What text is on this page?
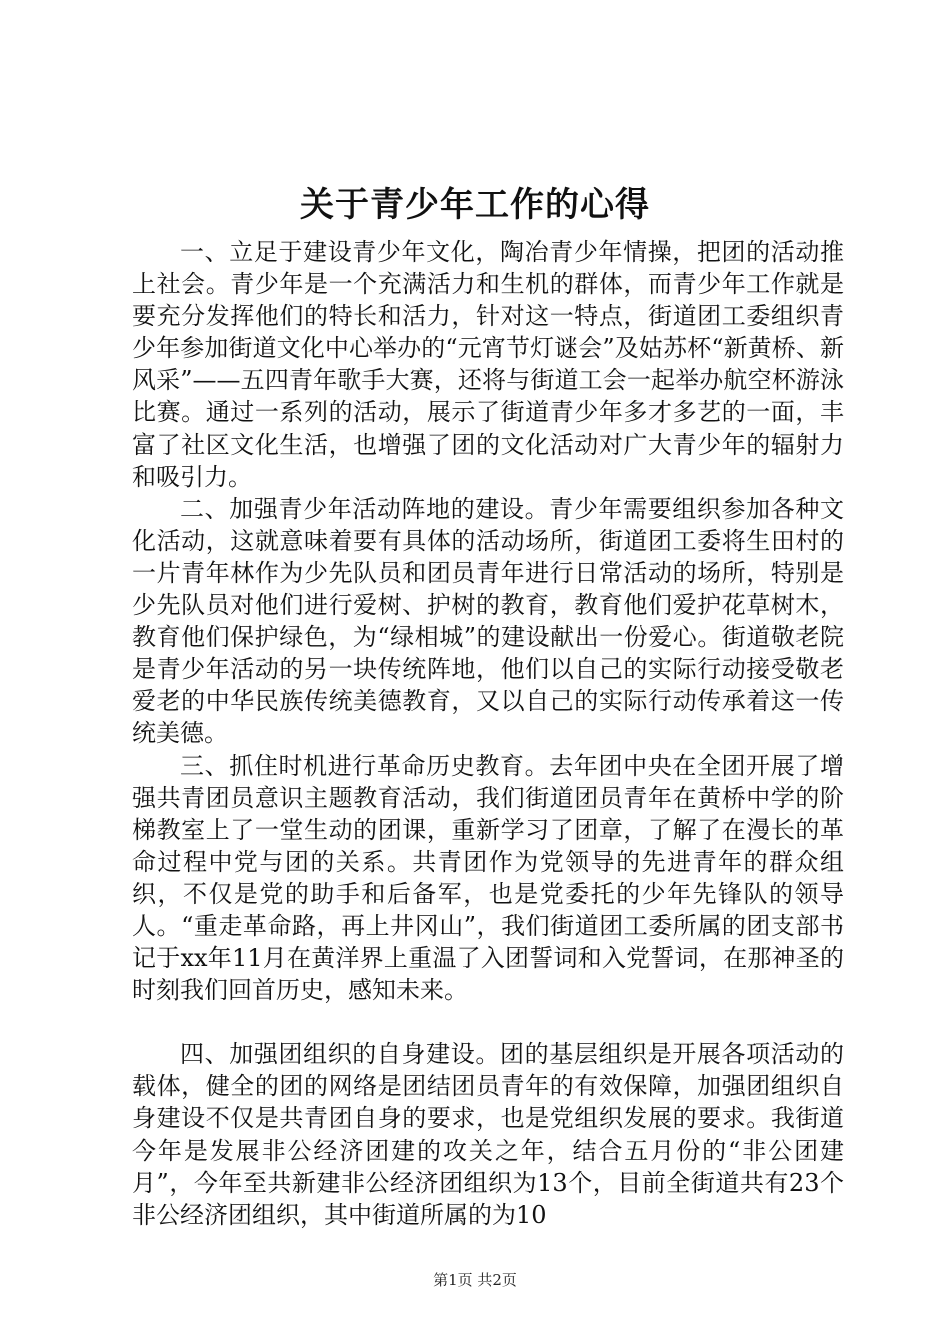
关于青少年工作的心得

一、立足于建设青少年文化，陶冶青少年情操，把团的活动推上社会。青少年是一个充满活力和生机的群体，而青少年工作就是要充分发挥他们的特长和活力，针对这一特点，街道团工委组织青少年参加街道文化中心举办的“元宵节灯谜会”及姑苏杯“新黄桥、新风采”——五四青年歌手大赛，还将与街道工会一起举办航空杯游泳比赛。通过一系列的活动，展示了街道青少年多才多艺的一面，丰富了社区文化生活，也增强了团的文化活动对广大青少年的辐射力和吸引力。

二、加强青少年活动阵地的建设。青少年需要组织参加各种文化活动，这就意味着要有具体的活动场所，街道团工委将生田村的一片青年林作为少先队员和团员青年进行日常活动的场所，特别是少先队员对他们进行爱树、护树的教育，教育他们爱护花草树木，教育他们保护绿色，为“绿相城”的建设献出一份爱心。街道敬老院是青少年活动的另一块传统阵地，他们以自己的实际行动接受敬老爱老的中华民族传统美德教育，又以自己的实际行动传承着这一传统美德。

三、抓住时机进行革命历史教育。去年团中央在全团开展了增强共青团员意识主题教育活动，我们街道团员青年在黄桥中学的阶梯教室上了一堂生动的团课，重新学习了团章，了解了在漫长的革命过程中党与团的关系。共青团作为党领导的先进青年的群众组织，不仅是党的助手和后备军，也是党委托的少年先锋队的领导人。“重走革命路，再上井冈山”，我们街道团工委所属的团支部书记于xx年11月在黄洋界上重温了入团誓词和入党誓词，在那神圣的时刻我们回首历史，感知未来。

四、加强团组织的自身建设。团的基层组织是开展各项活动的载体，健全的团的网络是团结团员青年的有效保障，加强团组织自身建设不仅是共青团自身的要求，也是党组织发展的要求。我街道今年是发展非公经济团建的攻关之年，结合五月份的“非公团建月”，今年至共新建非公经济团组织为13个，目前全街道共有23个非公经济团组织，其中街道所属的为10

第1页 共2页
